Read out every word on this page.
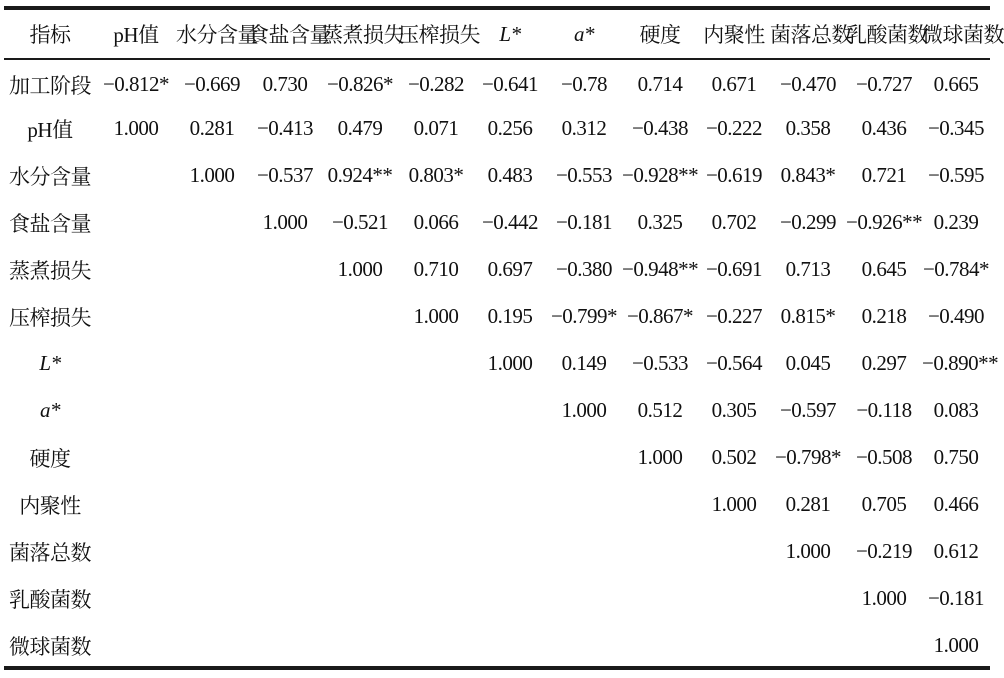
指标	pH值	水分含量	食盐含量	蒸煮损失	压榨损失	L*	a*	硬度	内聚性	菌落总数	乳酸菌数	微球菌数
加工阶段	−0.812*	−0.669	0.730	−0.826*	−0.282	−0.641	−0.78	0.714	0.671	−0.470	−0.727	0.665
pH值	1.000	0.281	−0.413	0.479	0.071	0.256	0.312	−0.438	−0.222	0.358	0.436	−0.345
水分含量		1.000	−0.537	0.924**	0.803*	0.483	−0.553	−0.928**	−0.619	0.843*	0.721	−0.595
食盐含量			1.000	−0.521	0.066	−0.442	−0.181	0.325	0.702	−0.299	−0.926**	0.239
蒸煮损失				1.000	0.710	0.697	−0.380	−0.948**	−0.691	0.713	0.645	−0.784*
压榨损失					1.000	0.195	−0.799*	−0.867*	−0.227	0.815*	0.218	−0.490
L*						1.000	0.149	−0.533	−0.564	0.045	0.297	−0.890**
a*							1.000	0.512	0.305	−0.597	−0.118	0.083
硬度								1.000	0.502	−0.798*	−0.508	0.750
内聚性									1.000	0.281	0.705	0.466
菌落总数										1.000	−0.219	0.612
乳酸菌数											1.000	−0.181
微球菌数												1.000
